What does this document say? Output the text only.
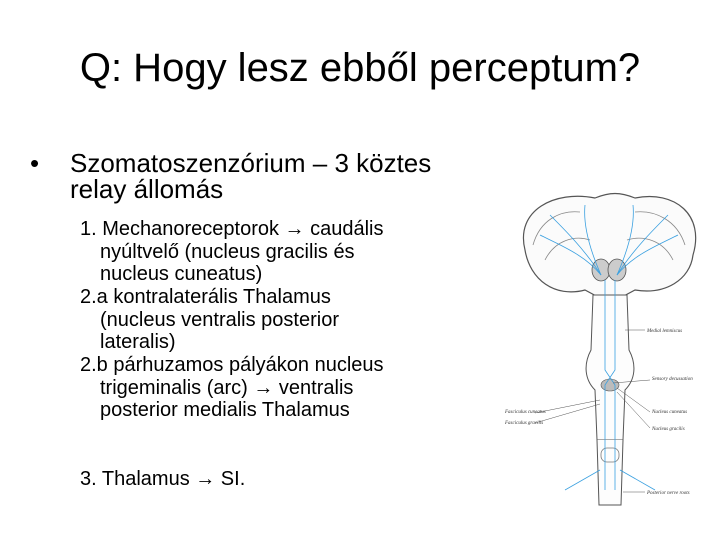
Q: Hogy lesz ebből perceptum?
• Szomatoszenzórium – 3 köztes
relay állomás
1. Mechanoreceptorok → caudális
nyúltvelő (nucleus gracilis és
nucleus cuneatus)
2.a kontralaterális Thalamus
(nucleus ventralis posterior
lateralis)
2.b párhuzamos pályákon nucleus
trigeminalis (arc) → ventralis
posterior medialis Thalamus
3. Thalamus → SI.
Medial lemniscus
Sensory decussation
Nucleus cuneatus
Nucleus gracilis
Fasciculus cuneatus
Fasciculus gracilis
Posterior nerve roots
